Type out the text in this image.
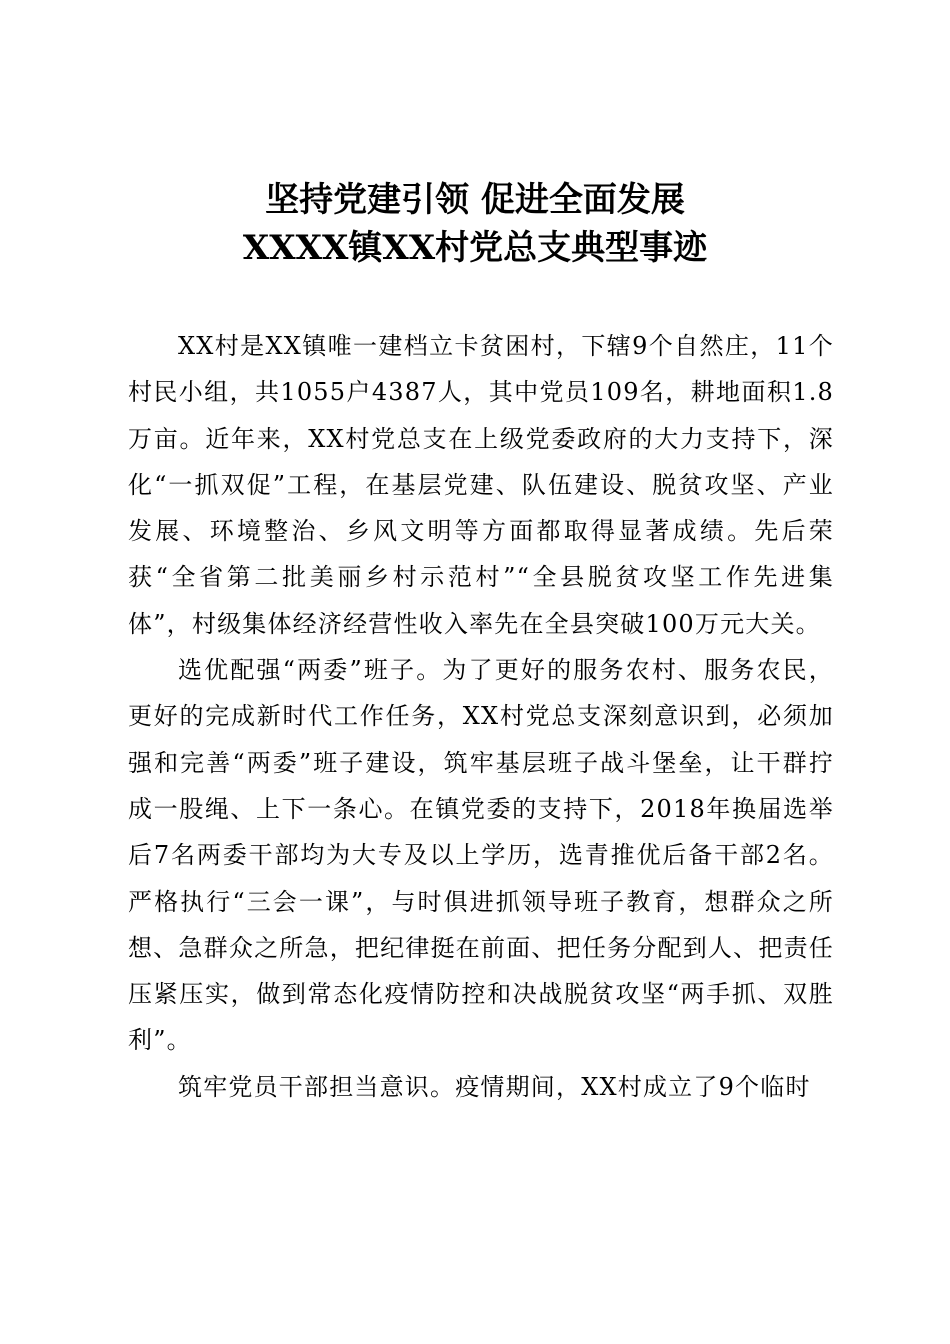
坚持党建引领 促进全面发展
XXXX镇XX村党总支典型事迹

XX村是XX镇唯一建档立卡贫困村，下辖9个自然庄，11个村民小组，共1055户4387人，其中党员109名，耕地面积1.8万亩。近年来，XX村党总支在上级党委政府的大力支持下，深化“一抓双促”工程，在基层党建、队伍建设、脱贫攻坚、产业发展、环境整治、乡风文明等方面都取得显著成绩。先后荣获“全省第二批美丽乡村示范村”“全县脱贫攻坚工作先进集体”，村级集体经济经营性收入率先在全县突破100万元大关。

选优配强“两委”班子。为了更好的服务农村、服务农民，更好的完成新时代工作任务，XX村党总支深刻意识到，必须加强和完善“两委”班子建设，筑牢基层班子战斗堡垒，让干群拧成一股绳、上下一条心。在镇党委的支持下，2018年换届选举后7名两委干部均为大专及以上学历，选青推优后备干部2名。严格执行“三会一课”，与时俱进抓领导班子教育，想群众之所想、急群众之所急，把纪律挺在前面、把任务分配到人、把责任压紧压实，做到常态化疫情防控和决战脱贫攻坚“两手抓、双胜利”。

筑牢党员干部担当意识。疫情期间，XX村成立了9个临时
